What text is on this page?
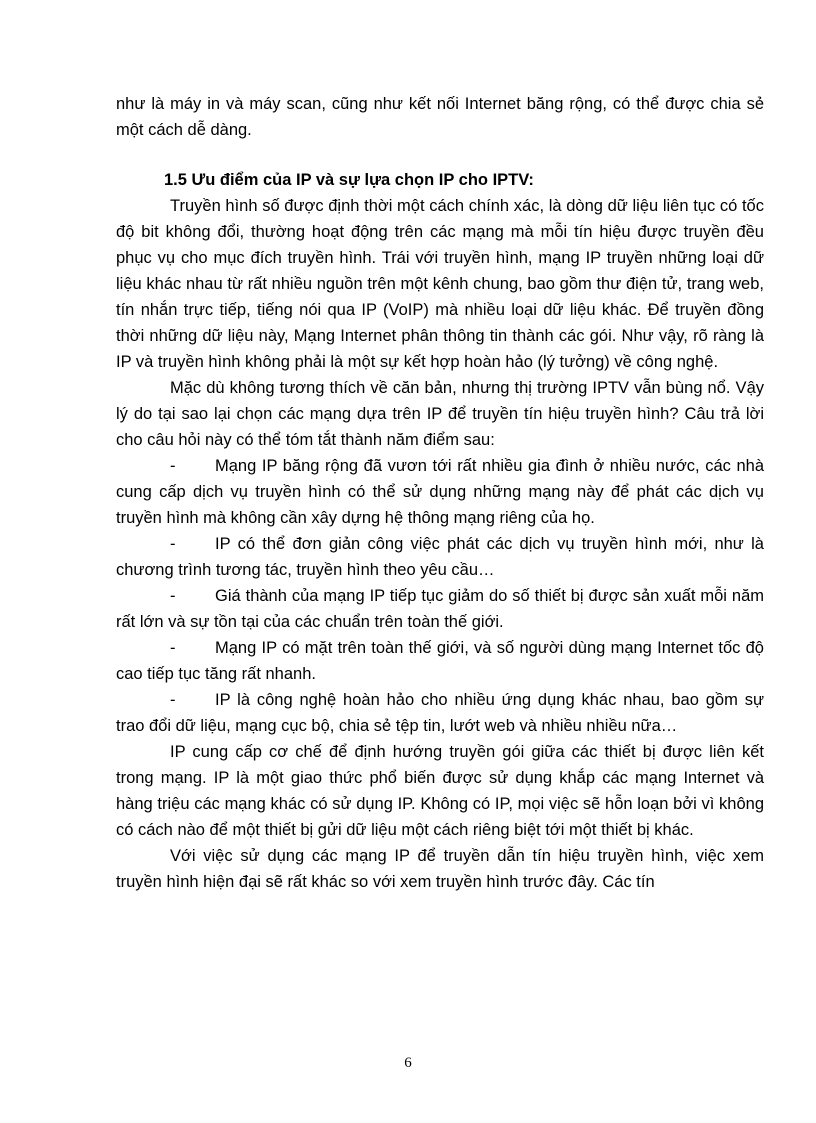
như là máy in và máy scan, cũng như kết nối Internet băng rộng, có thể được chia sẻ một cách dễ dàng.

1.5 Ưu điểm của IP và sự lựa chọn IP cho IPTV:

Truyền hình số được định thời một cách chính xác, là dòng dữ liệu liên tục có tốc độ bit không đổi, thường hoạt động trên các mạng mà mỗi tín hiệu được truyền đều phục vụ cho mục đích truyền hình. Trái với truyền hình, mạng IP truyền những loại dữ liệu khác nhau từ rất nhiều nguồn trên một kênh chung, bao gồm thư điện tử, trang web, tín nhắn trực tiếp, tiếng nói qua IP (VoIP) mà nhiều loại dữ liệu khác. Để truyền đồng thời những dữ liệu này, Mạng Internet phân thông tin thành các gói. Như vậy, rõ ràng là IP và truyền hình không phải là một sự kết hợp hoàn hảo (lý tưởng) về công nghệ.

Mặc dù không tương thích về căn bản, nhưng thị trường IPTV vẫn bùng nổ. Vậy lý do tại sao lại chọn các mạng dựa trên IP để truyền tín hiệu truyền hình? Câu trả lời cho câu hỏi này có thể tóm tắt thành năm điểm sau:

- Mạng IP băng rộng đã vươn tới rất nhiều gia đình ở nhiều nước, các nhà cung cấp dịch vụ truyền hình có thể sử dụng những mạng này để phát các dịch vụ truyền hình mà không cần xây dựng hệ thông mạng riêng của họ.

- IP có thể đơn giản công việc phát các dịch vụ truyền hình mới, như là chương trình tương tác, truyền hình theo yêu cầu…

- Giá thành của mạng IP tiếp tục giảm do số thiết bị được sản xuất mỗi năm rất lớn và sự tồn tại của các chuẩn trên toàn thế giới.

- Mạng IP có mặt trên toàn thế giới, và số người dùng mạng Internet tốc độ cao tiếp tục tăng rất nhanh.

- IP là công nghệ hoàn hảo cho nhiều ứng dụng khác nhau, bao gồm sự trao đổi dữ liệu, mạng cục bộ, chia sẻ tệp tin, lướt web và nhiều nhiều nữa…

IP cung cấp cơ chế để định hướng truyền gói giữa các thiết bị được liên kết trong mạng. IP là một giao thức phổ biến được sử dụng khắp các mạng Internet và hàng triệu các mạng khác có sử dụng IP. Không có IP, mọi việc sẽ hỗn loạn bởi vì không có cách nào để một thiết bị gửi dữ liệu một cách riêng biệt tới một thiết bị khác.

Với việc sử dụng các mạng IP để truyền dẫn tín hiệu truyền hình, việc xem truyền hình hiện đại sẽ rất khác so với xem truyền hình trước đây. Các tín

6
